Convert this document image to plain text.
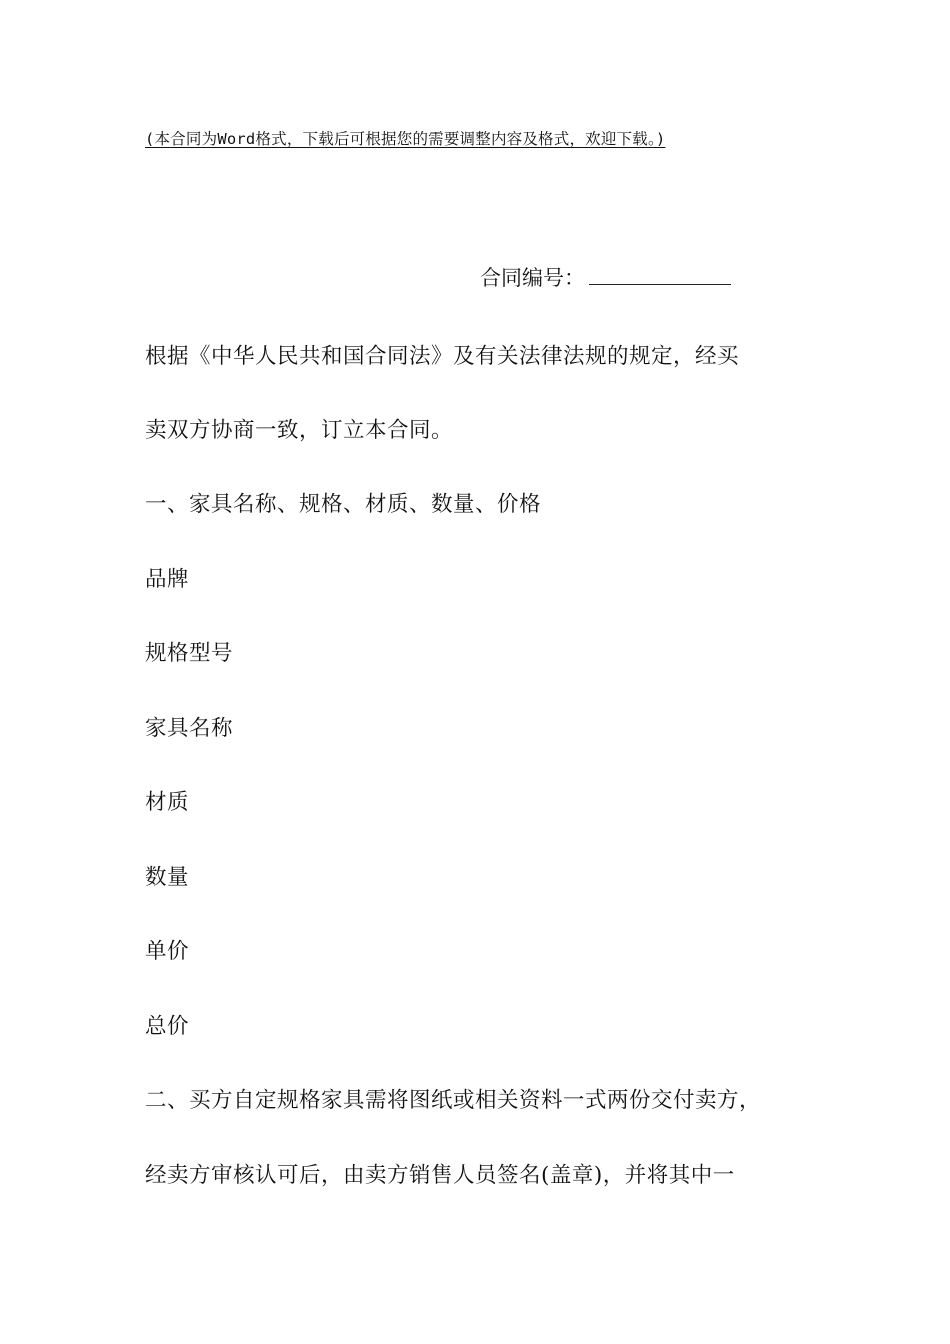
(本合同为Word格式，下载后可根据您的需要调整内容及格式，欢迎下载。)
合同编号：
根据《中华人民共和国合同法》及有关法律法规的规定，经买
卖双方协商一致，订立本合同。
一、家具名称、规格、材质、数量、价格
品牌
规格型号
家具名称
材质
数量
单价
总价
二、买方自定规格家具需将图纸或相关资料一式两份交付卖方，
经卖方审核认可后，由卖方销售人员签名(盖章)，并将其中一
